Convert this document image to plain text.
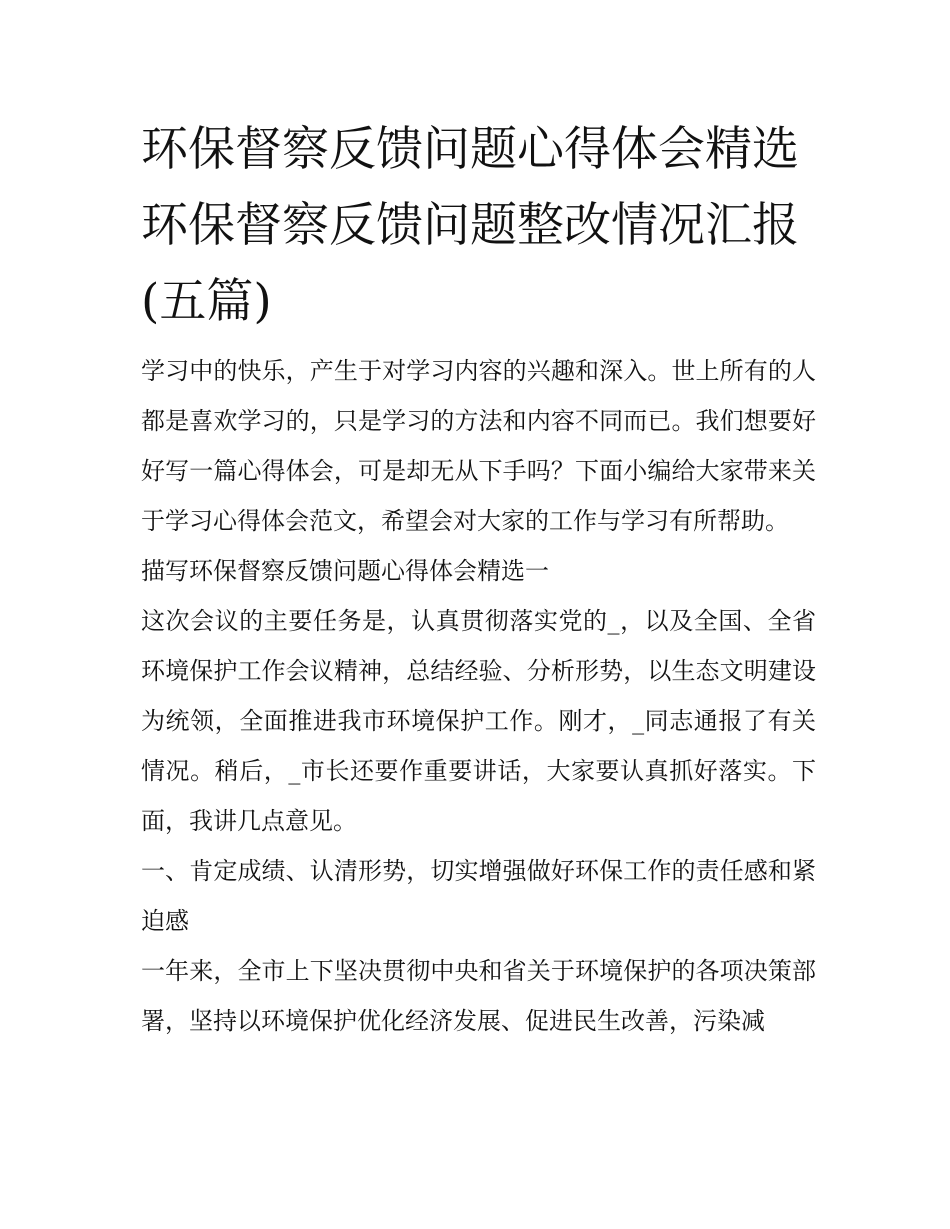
环保督察反馈问题心得体会精选 环保督察反馈问题整改情况汇报(五篇)

学习中的快乐，产生于对学习内容的兴趣和深入。世上所有的人都是喜欢学习的，只是学习的方法和内容不同而已。我们想要好好写一篇心得体会，可是却无从下手吗？下面小编给大家带来关于学习心得体会范文，希望会对大家的工作与学习有所帮助。

描写环保督察反馈问题心得体会精选一

这次会议的主要任务是，认真贯彻落实党的_，以及全国、全省环境保护工作会议精神，总结经验、分析形势，以生态文明建设为统领，全面推进我市环境保护工作。刚才，_同志通报了有关情况。稍后，_市长还要作重要讲话，大家要认真抓好落实。下面，我讲几点意见。

一、肯定成绩、认清形势，切实增强做好环保工作的责任感和紧迫感

一年来，全市上下坚决贯彻中央和省关于环境保护的各项决策部署，坚持以环境保护优化经济发展、促进民生改善，污染减
